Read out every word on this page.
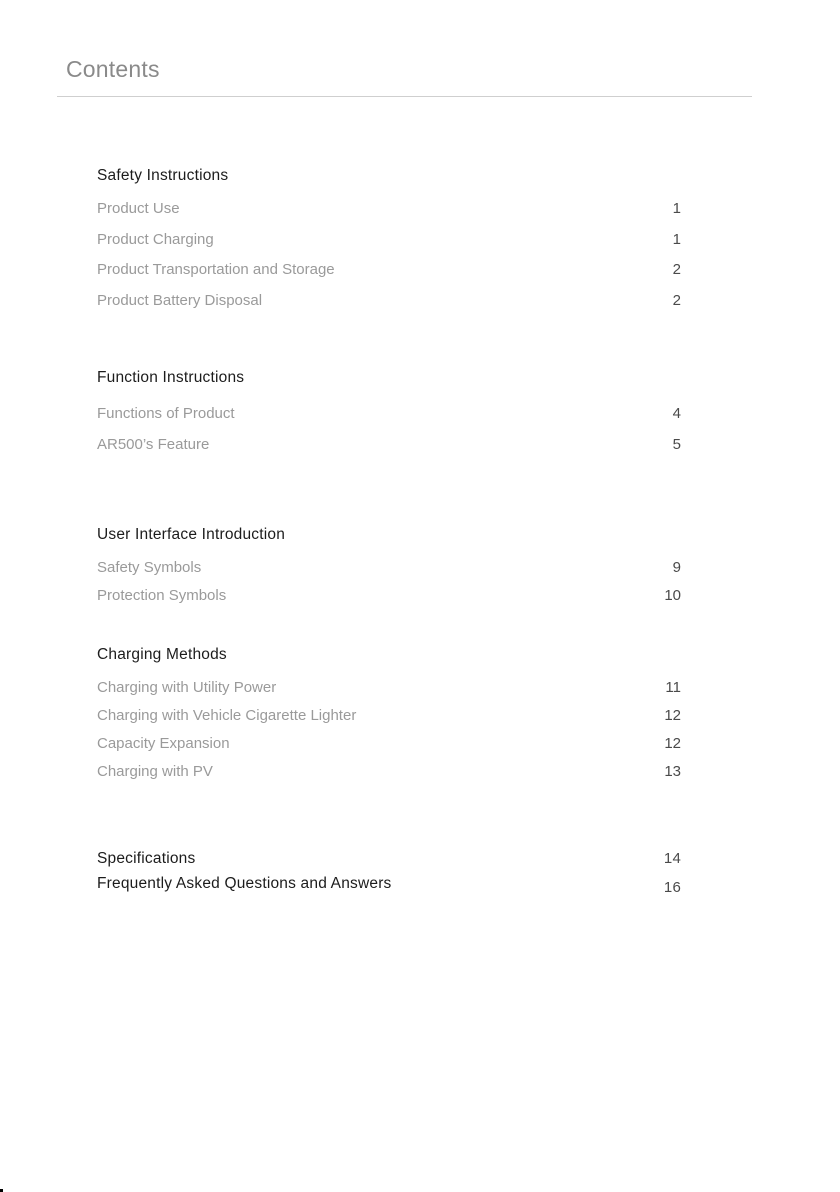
Contents
Safety Instructions
Product Use	1
Product Charging	1
Product Transportation and Storage	2
Product Battery Disposal	2
Function Instructions
Functions of Product	4
AR500’s Feature	5
User Interface Introduction
Safety Symbols	9
Protection Symbols	10
Charging Methods
Charging with Utility Power	11
Charging with Vehicle Cigarette Lighter	12
Capacity Expansion	12
Charging with PV	13
Specifications	14
Frequently Asked Questions and Answers	16
